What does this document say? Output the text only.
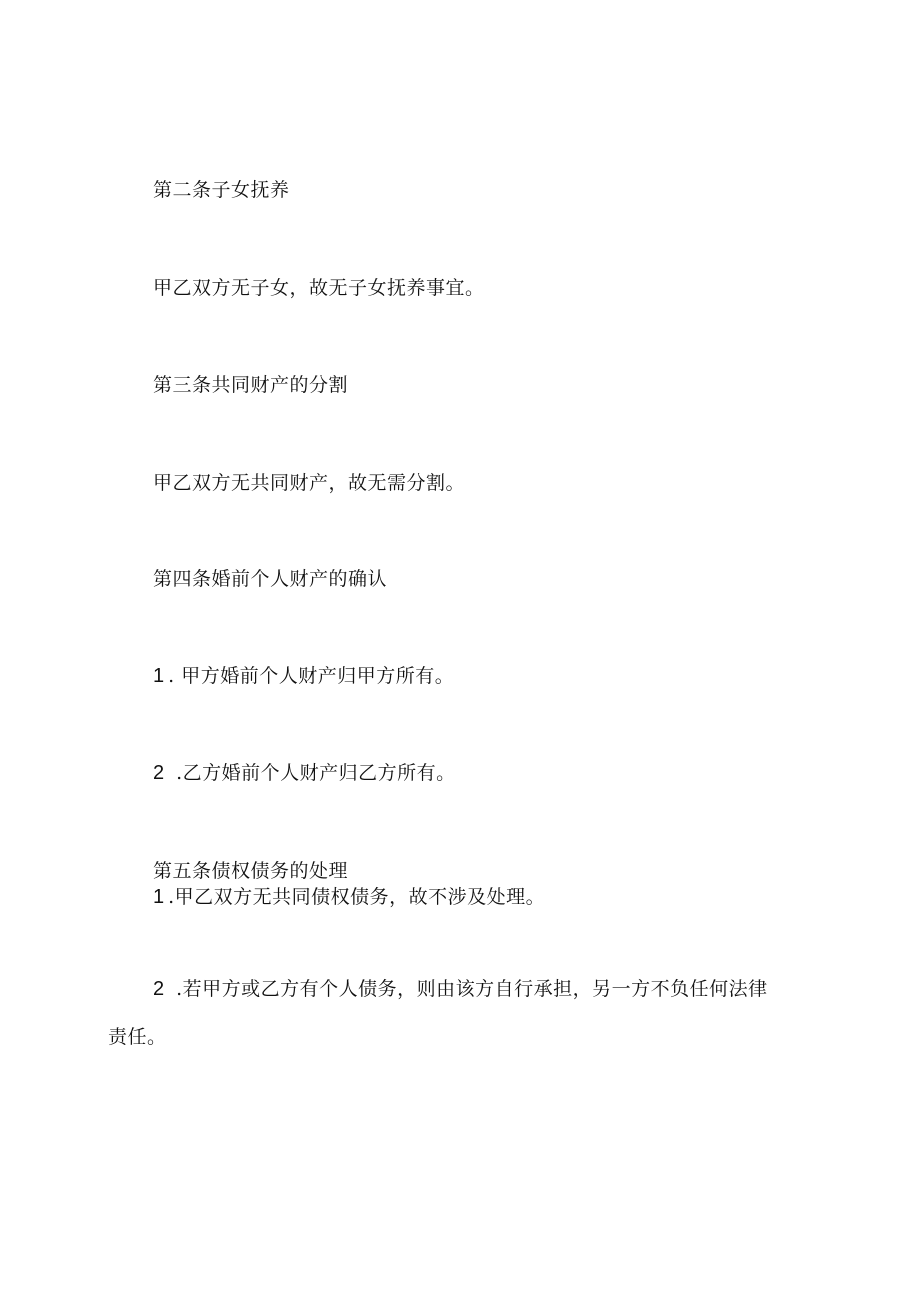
第二条子女抚养
甲乙双方无子女，故无子女抚养事宜。
第三条共同财产的分割
甲乙双方无共同财产，故无需分割。
第四条婚前个人财产的确认
1 . 甲方婚前个人财产归甲方所有。
2 .乙方婚前个人财产归乙方所有。
第五条债权债务的处理
1 .甲乙双方无共同债权债务，故不涉及处理。
2 .若甲方或乙方有个人债务，则由该方自行承担，另一方不负任何法律
责任。
